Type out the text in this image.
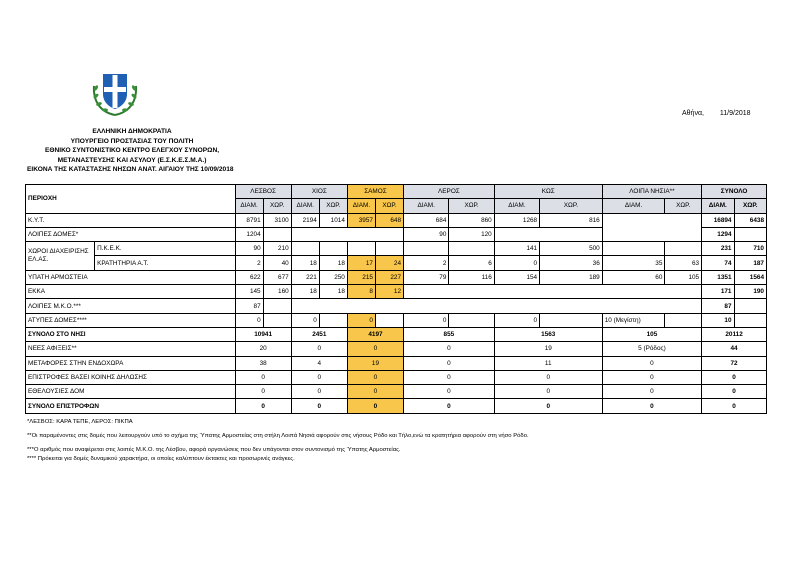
Αθήνα, 11/9/2018
ΕΛΛΗΝΙΚΗ ΔΗΜΟΚΡΑΤΙΑ
ΥΠΟΥΡΓΕΙΟ ΠΡΟΣΤΑΣΙΑΣ ΤΟΥ ΠΟΛΙΤΗ
ΕΘΝΙΚΟ ΣΥΝΤΟΝΙΣΤΙΚΟ ΚΕΝΤΡΟ ΕΛΕΓΧΟΥ ΣΥΝΟΡΩΝ,
ΜΕΤΑΝΑΣΤΕΥΣΗΣ ΚΑΙ ΑΣΥΛΟΥ (Ε.Σ.Κ.Ε.Σ.Μ.Α.)
ΕΙΚΟΝΑ ΤΗΣ ΚΑΤΑΣΤΑΣΗΣ ΝΗΣΩΝ ΑΝΑΤ. ΑΙΓΑΙΟΥ ΤΗΣ 10/09/2018
ΠΕΡΙΟΧΗ		ΛΕΣΒΟΣ		ΧΙΟΣ		ΣΑΜΟΣ		ΛΕΡΟΣ		ΚΩΣ		ΛΟΙΠΑ ΝΗΣΙΑ**		ΣΥΝΟΛΟ	
		ΔΙΑΜ.	ΧΩΡ.	ΔΙΑΜ.	ΧΩΡ.	ΔΙΑΜ.	ΧΩΡ.	ΔΙΑΜ.	ΧΩΡ.	ΔΙΑΜ.	ΧΩΡ.	ΔΙΑΜ.	ΧΩΡ.	ΔΙΑΜ.	ΧΩΡ.
Κ.Υ.Τ.		8791	3100	2194	1014	3957	648	684	860	1268	816			16894	6438
ΛΟΙΠΕΣ ΔΟΜΕΣ*		1204						90	120					1294	
ΧΩΡΟΙ ΔΙΑΧΕΙΡΙΣΗΣ ΕΛ.ΑΣ.	Π.Κ.Ε.Κ.	90	210							141	500			231	710
	ΚΡΑΤΗΤΗΡΙΑ Α.Τ.	2	40	18	18	17	24	2	6	0	36	35	63	74	187
ΥΠΑΤΗ ΑΡΜΟΣΤΕΙΑ		622	677	221	250	215	227	79	116	154	189	60	105	1351	1564
ΕΚΚΑ		145	160	18	18	8	12							171	190
ΛΟΙΠΕΣ Μ.Κ.Ο.***		87												87	
ΑΤΥΠΕΣ ΔΟΜΕΣ****		0		0		0		0		0		10 (Μεγίστη)		10	
ΣΥΝΟΛΟ ΣΤΟ ΝΗΣΙ		10941		2451		4197		855		1563		105		20112	
ΝΕΕΣ ΑΦΙΞΕΙΣ**		20		0		0		0		19		5 (Ρόδος)		44	
ΜΕΤΑΦΟΡΕΣ ΣΤΗΝ ΕΝΔΟΧΩΡΑ		38		4		19		0		11		0		72	
ΕΠΙΣΤΡΟΦΕΣ ΒΑΣΕΙ ΚΟΙΝΗΣ ΔΗΛΩΣΗΣ		0		0		0		0		0		0		0	
ΕΘΕΛΟΥΣΙΕΣ ΔΟΜ		0		0		0		0		0		0		0	
ΣΥΝΟΛΟ ΕΠΙΣΤΡΟΦΩΝ		0		0		0		0		0		0		0	
*ΛΕΣΒΟΣ: ΚΑΡΑ ΤΕΠΕ, ΛΕΡΟΣ: ΠΙΚΠΑ
**Οι παραμένοντες στις δομές που λειτουργούν υπό το σχήμα της Ύπατης Αρμοστείας στη στήλη Λοιπά Νησιά αφορούν στις νήσους Ρόδο και Τήλο,ενώ τα κρατητήρια αφορούν στη νήσο Ρόδο.
***Ο αριθμός που αναφέρεται στις λοιπές Μ.Κ.Ο. της Λέσβου, αφορά οργανώσεις που δεν υπάγονται στον συντονισμό της Ύπατης Αρμοστείας.
**** Πρόκειται για δομές δυναμικού χαρακτήρα, οι οποίες καλύπτουν έκτακτες και προσωρινές ανάγκες.
